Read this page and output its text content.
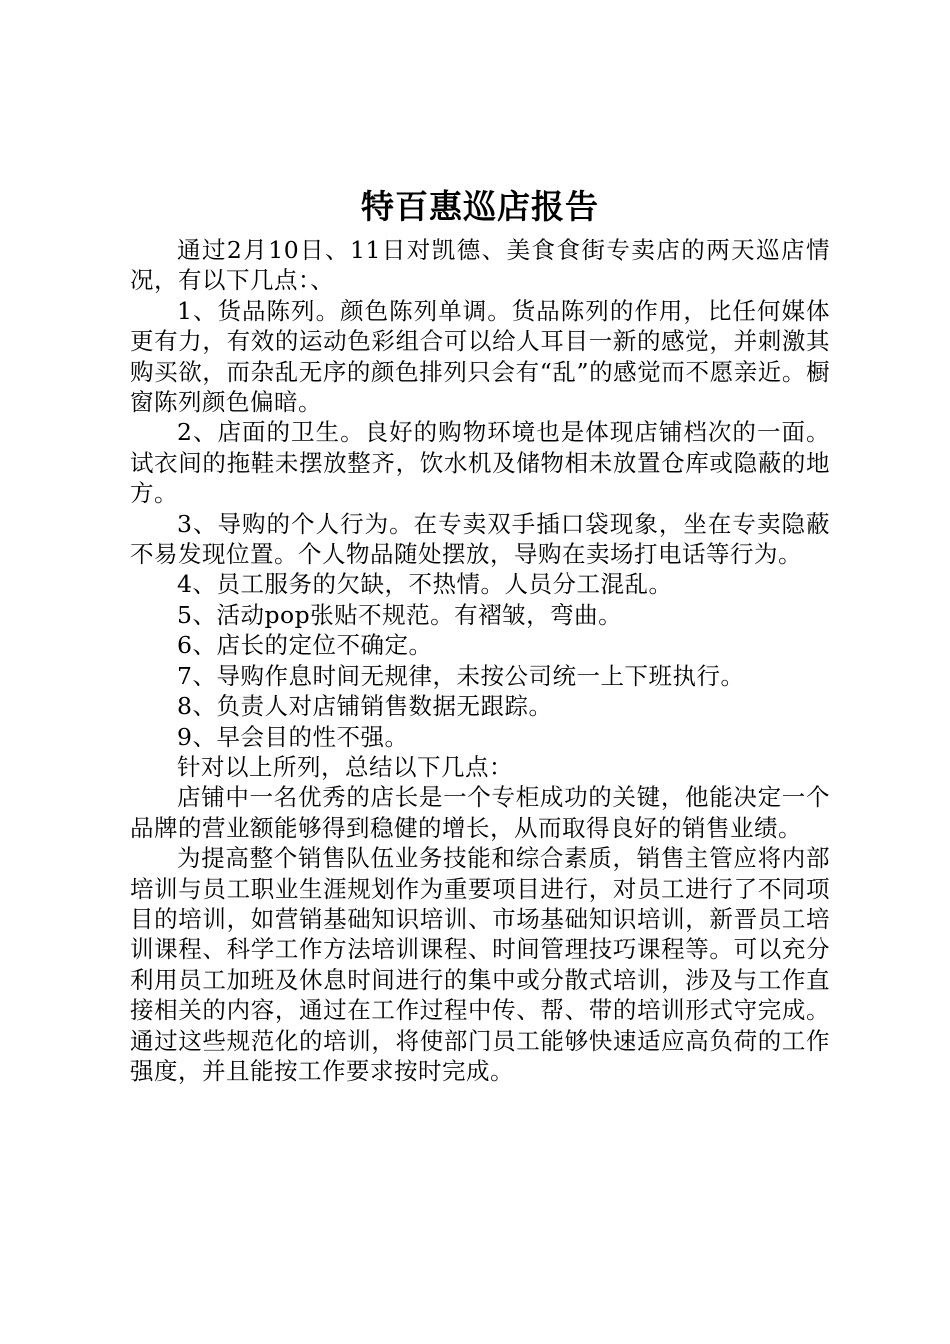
特百惠巡店报告

通过2月10日、11日对凯德、美食食街专卖店的两天巡店情况，有以下几点：、

1、货品陈列。颜色陈列单调。货品陈列的作用，比任何媒体更有力，有效的运动色彩组合可以给人耳目一新的感觉，并刺激其购买欲，而杂乱无序的颜色排列只会有“乱”的感觉而不愿亲近。橱窗陈列颜色偏暗。

2、店面的卫生。良好的购物环境也是体现店铺档次的一面。试衣间的拖鞋未摆放整齐，饮水机及储物相未放置仓库或隐蔽的地方。

3、导购的个人行为。在专卖双手插口袋现象，坐在专卖隐蔽不易发现位置。个人物品随处摆放，导购在卖场打电话等行为。

4、员工服务的欠缺，不热情。人员分工混乱。

5、活动pop张贴不规范。有褶皱，弯曲。

6、店长的定位不确定。

7、导购作息时间无规律，未按公司统一上下班执行。

8、负责人对店铺销售数据无跟踪。

9、早会目的性不强。

针对以上所列，总结以下几点：

店铺中一名优秀的店长是一个专柜成功的关键，他能决定一个品牌的营业额能够得到稳健的增长，从而取得良好的销售业绩。

为提高整个销售队伍业务技能和综合素质，销售主管应将内部培训与员工职业生涯规划作为重要项目进行，对员工进行了不同项目的培训，如营销基础知识培训、市场基础知识培训，新晋员工培训课程、科学工作方法培训课程、时间管理技巧课程等。可以充分利用员工加班及休息时间进行的集中或分散式培训，涉及与工作直接相关的内容，通过在工作过程中传、帮、带的培训形式守完成。通过这些规范化的培训，将使部门员工能够快速适应高负荷的工作强度，并且能按工作要求按时完成。
